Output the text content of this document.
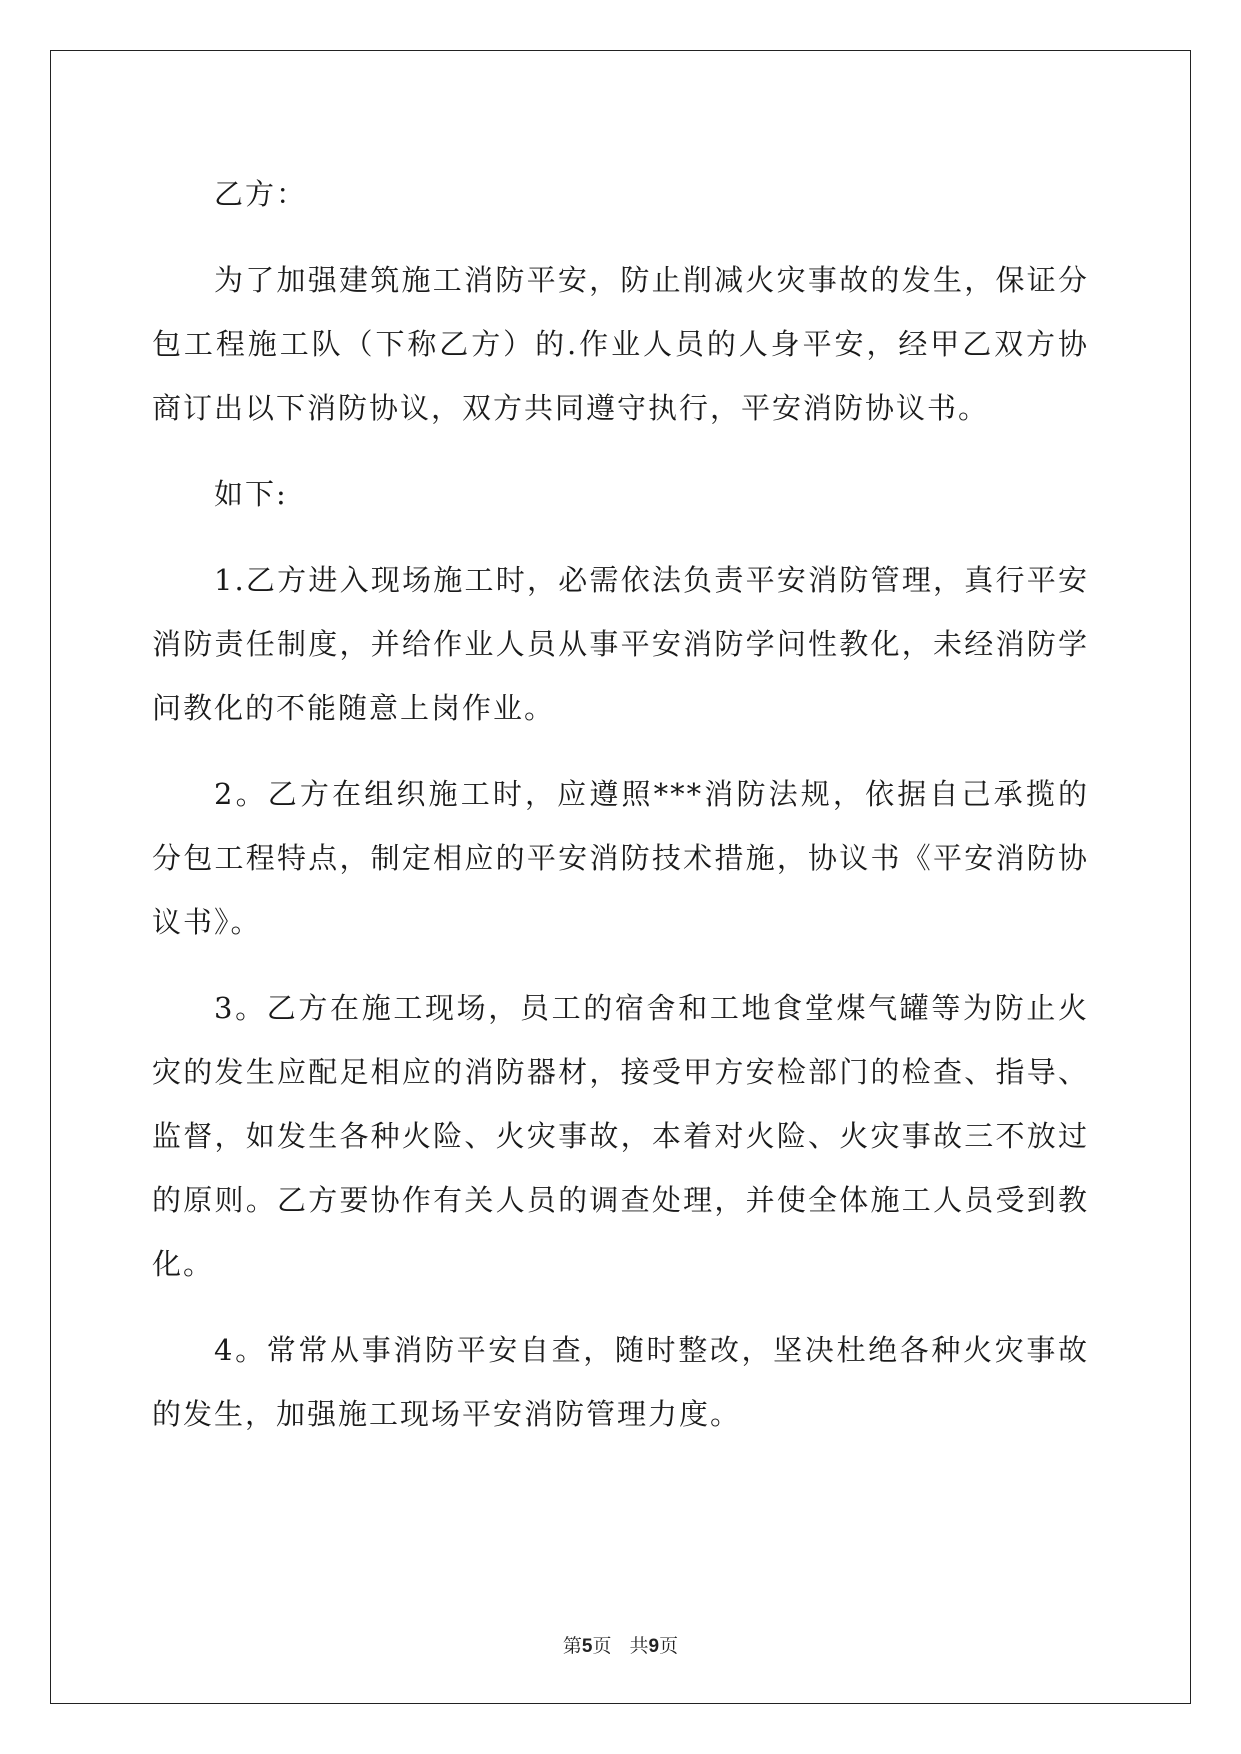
乙方：

为了加强建筑施工消防平安，防止削减火灾事故的发生，保证分包工程施工队（下称乙方）的.作业人员的人身平安，经甲乙双方协商订出以下消防协议，双方共同遵守执行，平安消防协议书。

如下:

1.乙方进入现场施工时，必需依法负责平安消防管理，真行平安消防责任制度，并给作业人员从事平安消防学问性教化，未经消防学问教化的不能随意上岗作业。

2。乙方在组织施工时，应遵照***消防法规，依据自己承揽的分包工程特点，制定相应的平安消防技术措施，协议书《平安消防协议书》。

3。乙方在施工现场，员工的宿舍和工地食堂煤气罐等为防止火灾的发生应配足相应的消防器材，接受甲方安检部门的检查、指导、监督，如发生各种火险、火灾事故，本着对火险、火灾事故三不放过的原则。乙方要协作有关人员的调查处理，并使全体施工人员受到教化。

4。常常从事消防平安自查，随时整改，坚决杜绝各种火灾事故的发生，加强施工现场平安消防管理力度。

第5页 共9页
